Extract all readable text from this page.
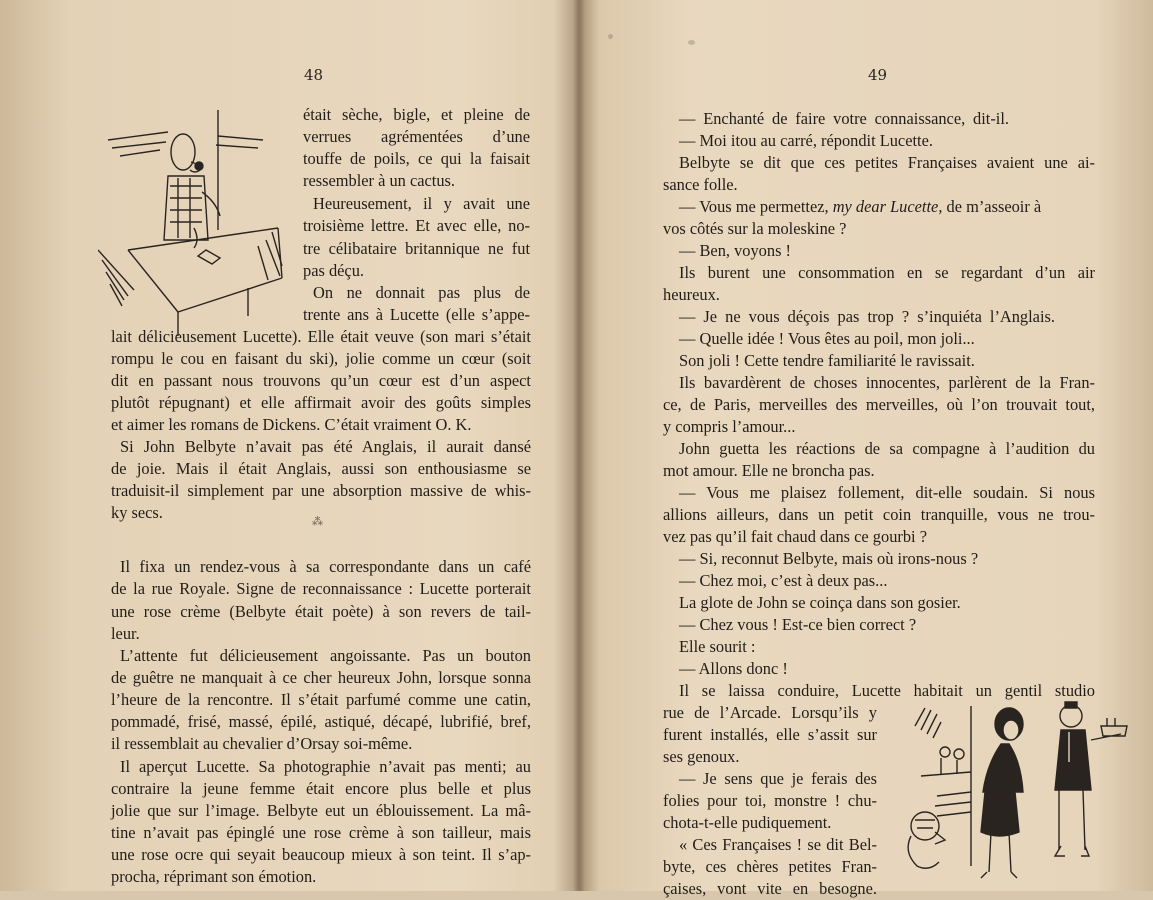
48
était sèche, bigle, et pleine de
verrues agrémentées d’une
touffe de poils, ce qui la faisait
ressembler à un cactus.
Heureusement, il y avait une
troisième lettre. Et avec elle, no-
tre célibataire britannique ne fut
pas déçu.
On ne donnait pas plus de
trente ans à Lucette (elle s’appe-
lait délicieusement Lucette). Elle était veuve (son mari s’était
rompu le cou en faisant du ski), jolie comme un cœur (soit
dit en passant nous trouvons qu’un cœur est d’un aspect
plutôt répugnant) et elle affirmait avoir des goûts simples
et aimer les romans de Dickens. C’était vraiment O. K.
Si John Belbyte n’avait pas été Anglais, il aurait dansé
de joie. Mais il était Anglais, aussi son enthousiasme se
traduisit-il simplement par une absorption massive de whis-
ky secs.	⁂
Il fixa un rendez-vous à sa correspondante dans un café
de la rue Royale. Signe de reconnaissance : Lucette porterait
une rose crème (Belbyte était poète) à son revers de tail-
leur.
L’attente fut délicieusement angoissante. Pas un bouton
de guêtre ne manquait à ce cher heureux John, lorsque sonna
l’heure de la rencontre. Il s’était parfumé comme une catin,
pommadé, frisé, massé, épilé, astiqué, décapé, lubrifié, bref,
il ressemblait au chevalier d’Orsay soi-même.
Il aperçut Lucette. Sa photographie n’avait pas menti; au
contraire la jeune femme était encore plus belle et plus
jolie que sur l’image. Belbyte eut un éblouissement. La mâ-
tine n’avait pas épinglé une rose crème à son tailleur, mais
une rose ocre qui seyait beaucoup mieux à son teint. Il s’ap-
procha, réprimant son émotion.
49
— Enchanté de faire votre connaissance, dit-il.
— Moi itou au carré, répondit Lucette.
Belbyte se dit que ces petites Françaises avaient une ai-
sance folle.
— Vous me permettez, my dear Lucette, de m’asseoir à
vos côtés sur la moleskine ?
— Ben, voyons !
Ils burent une consommation en se regardant d’un air
heureux.
— Je ne vous déçois pas trop ? s’inquiéta l’Anglais.
— Quelle idée ! Vous êtes au poil, mon joli...
Son joli ! Cette tendre familiarité le ravissait.
Ils bavardèrent de choses innocentes, parlèrent de la Fran-
ce, de Paris, merveilles des merveilles, où l’on trouvait tout,
y compris l’amour...
John guetta les réactions de sa compagne à l’audition du
mot amour. Elle ne broncha pas.
— Vous me plaisez follement, dit-elle soudain. Si nous
allions ailleurs, dans un petit coin tranquille, vous ne trou-
vez pas qu’il fait chaud dans ce gourbi ?
— Si, reconnut Belbyte, mais où irons-nous ?
— Chez moi, c’est à deux pas...
La glote de John se coinça dans son gosier.
— Chez vous ! Est-ce bien correct ?
Elle sourit :
— Allons donc !
Il se laissa conduire, Lucette habitait un gentil studio
rue de l’Arcade. Lorsqu’ils y
furent installés, elle s’assit sur
ses genoux.
— Je sens que je ferais des
folies pour toi, monstre ! chu-
chota-t-elle pudiquement.
« Ces Françaises ! se dit Bel-
byte, ces chères petites Fran-
çaises, vont vite en besogne.
